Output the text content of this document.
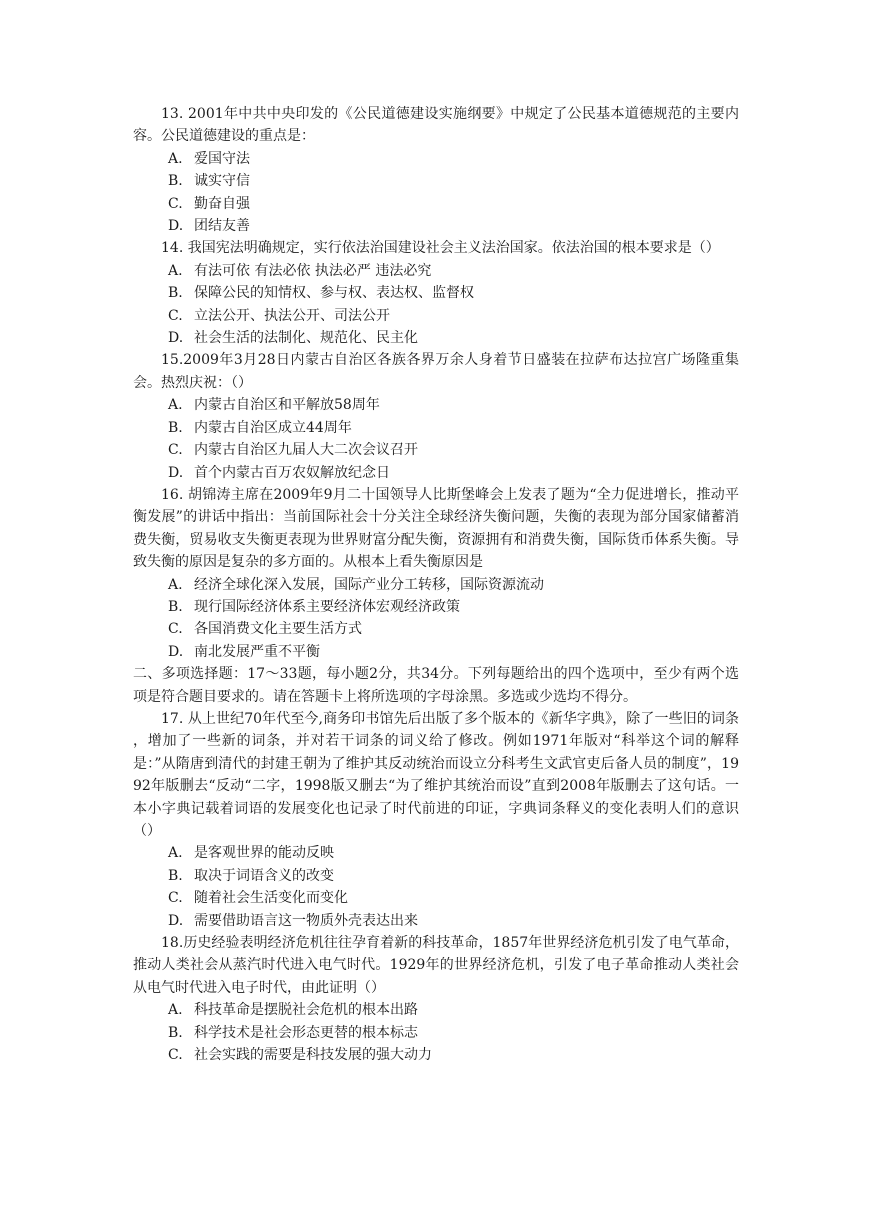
13. 2001年中共中央印发的《公民道德建设实施纲要》中规定了公民基本道德规范的主要内容。公民道德建设的重点是：

A. 爱国守法
B. 诚实守信
C. 勤奋自强
D. 团结友善

14. 我国宪法明确规定，实行依法治国建设社会主义法治国家。依法治国的根本要求是（）

A. 有法可依 有法必依 执法必严 违法必究
B. 保障公民的知情权、参与权、表达权、监督权
C. 立法公开、执法公开、司法公开
D. 社会生活的法制化、规范化、民主化

15.2009年3月28日内蒙古自治区各族各界万余人身着节日盛装在拉萨布达拉宫广场隆重集会。热烈庆祝：（）

A. 内蒙古自治区和平解放58周年
B. 内蒙古自治区成立44周年
C. 内蒙古自治区九届人大二次会议召开
D. 首个内蒙古百万农奴解放纪念日

16. 胡锦涛主席在2009年9月二十国领导人比斯堡峰会上发表了题为“全力促进增长，推动平衡发展”的讲话中指出：当前国际社会十分关注全球经济失衡问题，失衡的表现为部分国家储蓄消费失衡，贸易收支失衡更表现为世界财富分配失衡，资源拥有和消费失衡，国际货币体系失衡。导致失衡的原因是复杂的多方面的。从根本上看失衡原因是

A. 经济全球化深入发展，国际产业分工转移，国际资源流动
B. 现行国际经济体系主要经济体宏观经济政策
C. 各国消费文化主要生活方式
D. 南北发展严重不平衡

二、多项选择题：17～33题，每小题2分，共34分。下列每题给出的四个选项中，至少有两个选项是符合题目要求的。请在答题卡上将所选项的字母涂黑。多选或少选均不得分。

17. 从上世纪70年代至今,商务印书馆先后出版了多个版本的《新华字典》，除了一些旧的词条 ，增加了一些新的词条，并对若干词条的词义给了修改。例如1971年版对“科举这个词的解释是：”从隋唐到清代的封建王朝为了维护其反动统治而设立分科考生文武官吏后备人员的制度”，1992年版删去“反动“二字，1998版又删去“为了维护其统治而设”直到2008年版删去了这句话。一本小字典记载着词语的发展变化也记录了时代前进的印证，字典词条释义的变化表明人们的意识（）

A. 是客观世界的能动反映
B. 取决于词语含义的改变
C. 随着社会生活变化而变化
D. 需要借助语言这一物质外壳表达出来

18.历史经验表明经济危机往往孕育着新的科技革命，1857年世界经济危机引发了电气革命，推动人类社会从蒸汽时代进入电气时代。1929年的世界经济危机，引发了电子革命推动人类社会从电气时代进入电子时代，由此证明（）

A. 科技革命是摆脱社会危机的根本出路
B. 科学技术是社会形态更替的根本标志
C. 社会实践的需要是科技发展的强大动力
